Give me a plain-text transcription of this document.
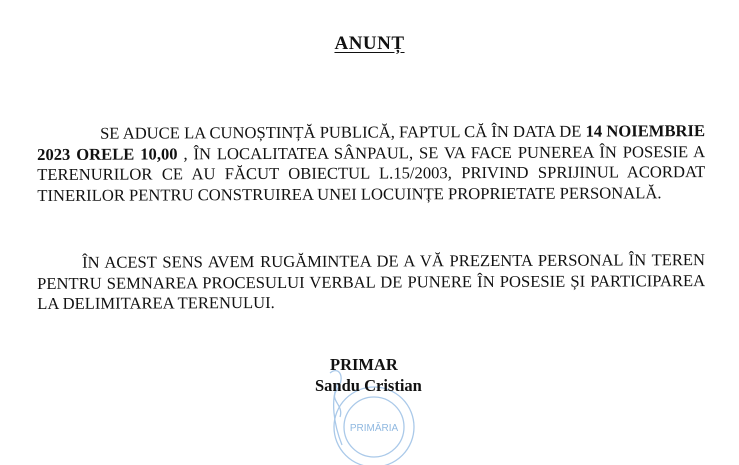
ANUNȚ
SE ADUCE LA CUNOȘTINȚĂ PUBLICĂ, FAPTUL CĂ ÎN DATA DE 14 NOIEMBRIE 2023 ORELE 10,00 , ÎN LOCALITATEA SÂNPAUL, SE VA FACE PUNEREA ÎN POSESIE A TERENURILOR CE AU FĂCUT OBIECTUL L.15/2003, PRIVIND SPRIJINUL ACORDAT TINERILOR PENTRU CONSTRUIREA UNEI LOCUINȚE PROPRIETATE PERSONALĂ.
ÎN ACEST SENS AVEM RUGĂMINTEA DE A VĂ PREZENTA PERSONAL ÎN TEREN PENTRU SEMNAREA PROCESULUI VERBAL DE PUNERE ÎN POSESIE ȘI PARTICIPAREA LA DELIMITAREA TERENULUI.
PRIMĂRIA
PRIMAR
Sandu Cristian
